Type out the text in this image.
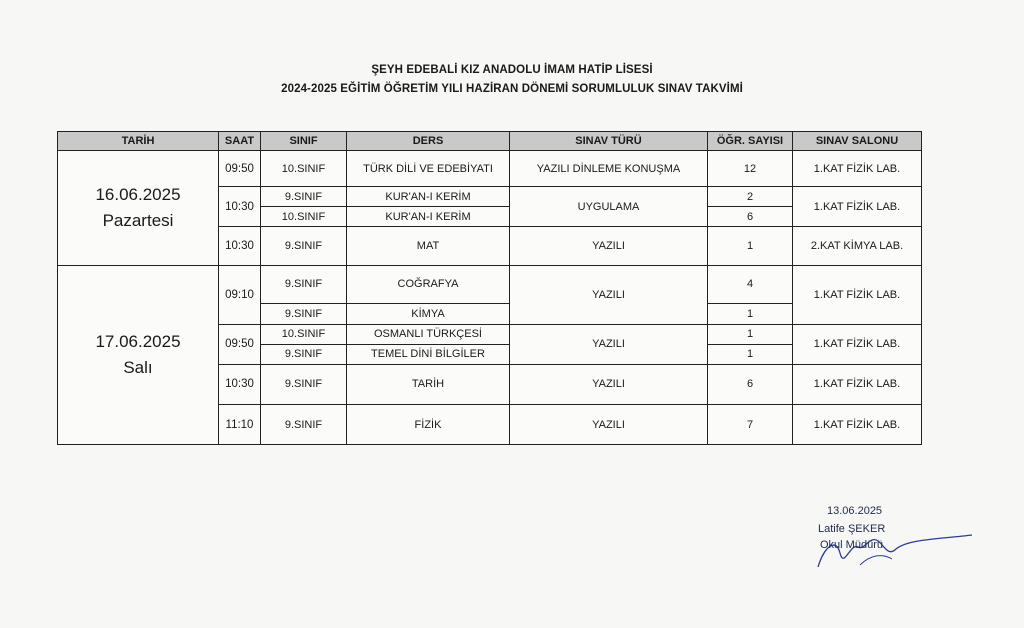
ŞEYH EDEBALİ KIZ ANADOLU İMAM HATİP LİSESİ
2024-2025 EĞİTİM ÖĞRETİM YILI HAZİRAN DÖNEMİ SORUMLULUK SINAV TAKVİMİ
TARİH	SAAT	SINIF	DERS	SINAV TÜRÜ	ÖĞR. SAYISI	SINAV SALONU

16.06.2025
Pazartesi	09:50	10.SINIF	TÜRK DİLİ VE EDEBİYATI	YAZILI DİNLEME KONUŞMA	12	1.KAT FİZİK LAB.
	10:30	9.SINIF	KUR'AN-I KERİM	UYGULAMA	2	1.KAT FİZİK LAB.
		10.SINIF	KUR'AN-I KERİM		6	
	10:30	9.SINIF	MAT	YAZILI	1	2.KAT KİMYA LAB.

17.06.2025
Salı	09:10	9.SINIF	COĞRAFYA	YAZILI	4	1.KAT FİZİK LAB.
		9.SINIF	KİMYA		1	
	09:50	10.SINIF	OSMANLI TÜRKÇESİ	YAZILI	1	1.KAT FİZİK LAB.
		9.SINIF	TEMEL DİNİ BİLGİLER		1	
	10:30	9.SINIF	TARİH	YAZILI	6	1.KAT FİZİK LAB.
	11:10	9.SINIF	FİZİK	YAZILI	7	1.KAT FİZİK LAB.
13.06.2025
Latife ŞEKER
Okul Müdürü
